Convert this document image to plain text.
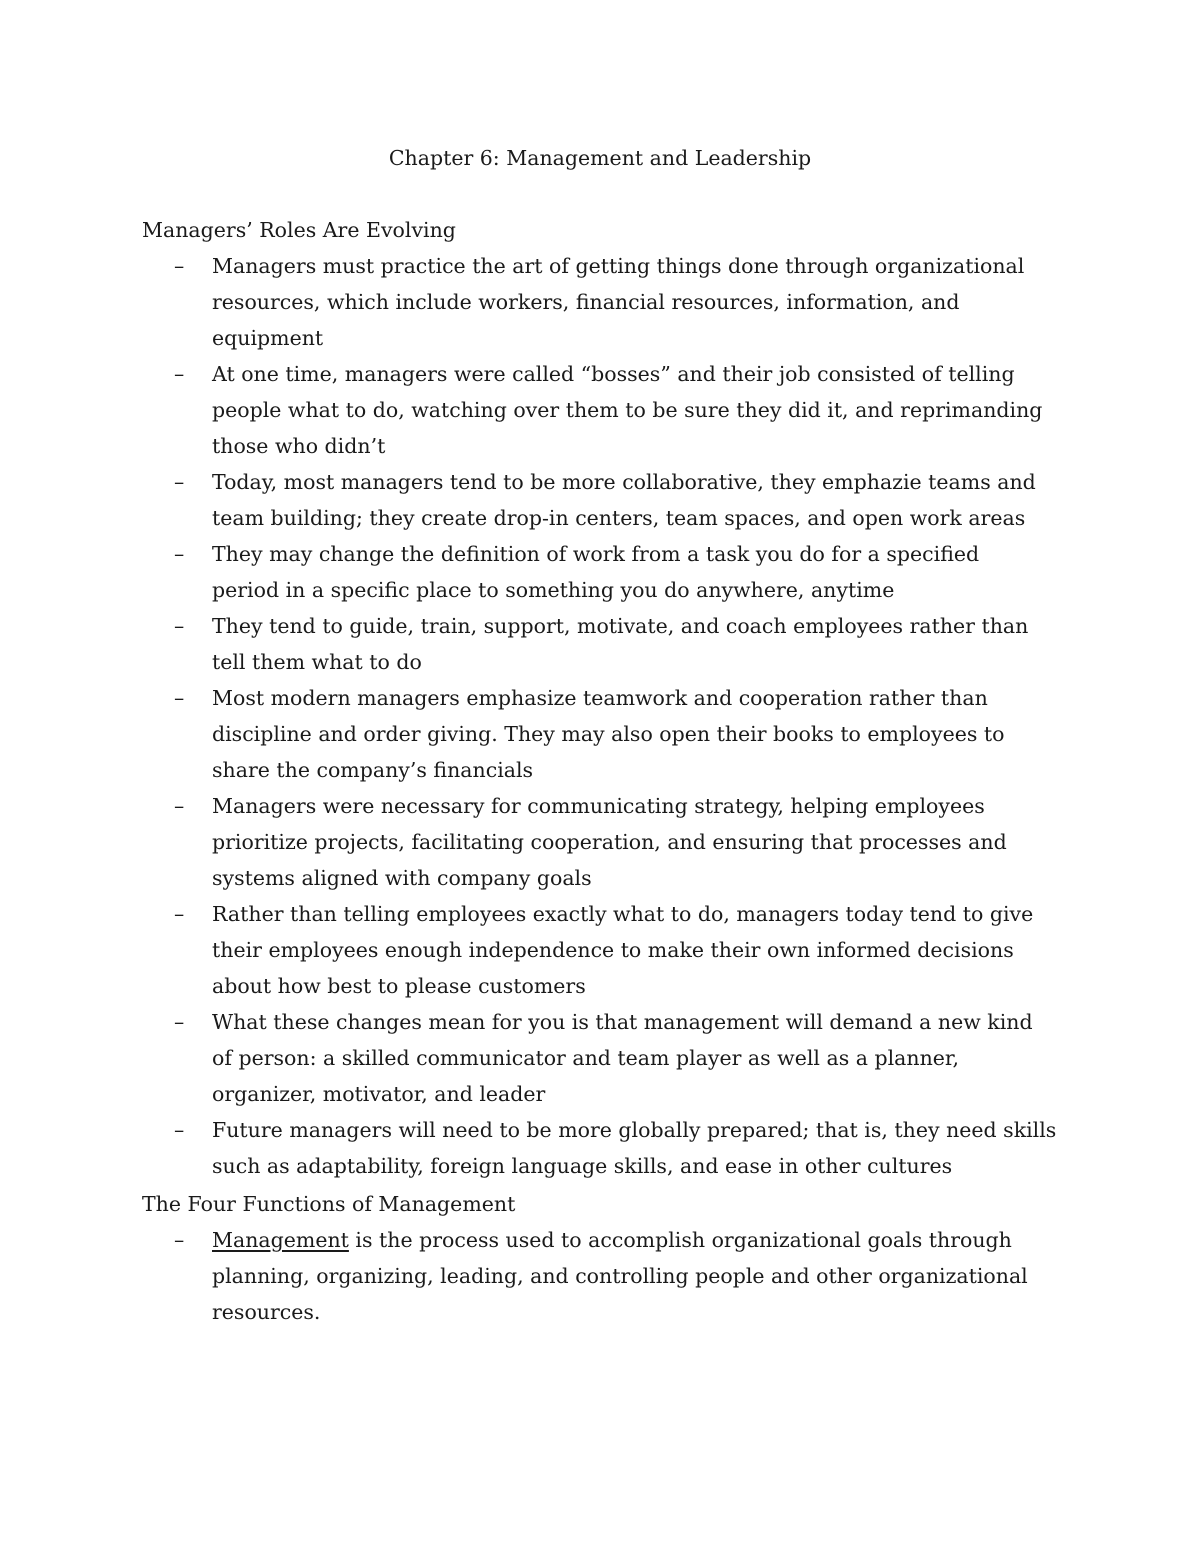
Chapter 6: Management and Leadership
Managers’ Roles Are Evolving
– Managers must practice the art of getting things done through organizational
resources, which include workers, financial resources, information, and
equipment
– At one time, managers were called “bosses” and their job consisted of telling
people what to do, watching over them to be sure they did it, and reprimanding
those who didn’t
– Today, most managers tend to be more collaborative, they emphazie teams and
team building; they create drop-in centers, team spaces, and open work areas
– They may change the definition of work from a task you do for a specified
period in a specific place to something you do anywhere, anytime
– They tend to guide, train, support, motivate, and coach employees rather than
tell them what to do
– Most modern managers emphasize teamwork and cooperation rather than
discipline and order giving. They may also open their books to employees to
share the company’s financials
– Managers were necessary for communicating strategy, helping employees
prioritize projects, facilitating cooperation, and ensuring that processes and
systems aligned with company goals
– Rather than telling employees exactly what to do, managers today tend to give
their employees enough independence to make their own informed decisions
about how best to please customers
– What these changes mean for you is that management will demand a new kind
of person: a skilled communicator and team player as well as a planner,
organizer, motivator, and leader
– Future managers will need to be more globally prepared; that is, they need skills
such as adaptability, foreign language skills, and ease in other cultures
The Four Functions of Management
– Management is the process used to accomplish organizational goals through
planning, organizing, leading, and controlling people and other organizational
resources.
